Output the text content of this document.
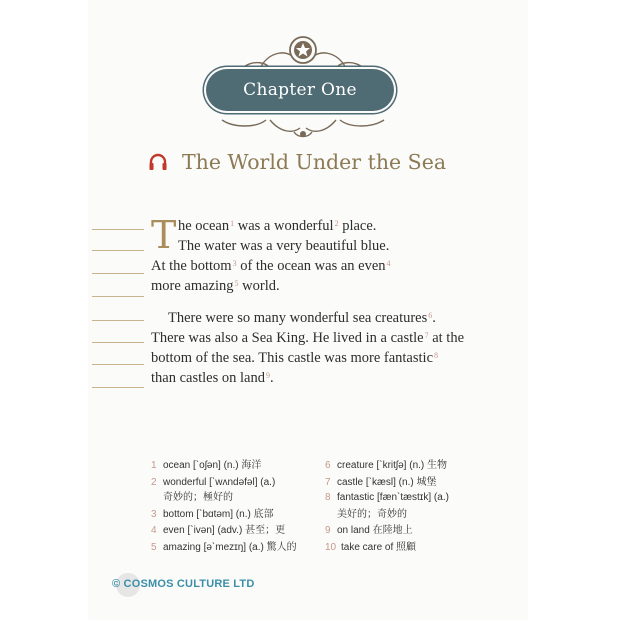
Chapter One
The World Under the Sea
T he ocean$^1$ was a wonderful$^2$ place.
The water was a very beautiful blue.
At the bottom$^3$ of the ocean was an even$^4$
more amazing$^5$ world.
There were so many wonderful sea creatures$^6$.
There was also a Sea King. He lived in a castle$^7$ at the
bottom of the sea. This castle was more fantastic$^8$
than castles on land$^9$.
1 ocean [ˋoʃən] (n.) 海洋
2 wonderful [ˋwʌndəfəl] (a.)
奇妙的；極好的
3 bottom [ˋbɑtəm] (n.) 底部
4 even [ˋivən] (adv.) 甚至；更
5 amazing [əˋmezɪŋ] (a.) 驚人的
6 creature [ˋkritʃə] (n.) 生物
7 castle [ˋkæsl] (n.) 城堡
8 fantastic [fænˋtæstɪk] (a.)
美好的；奇妙的
9 on land 在陸地上
10 take care of 照顧
© COSMOS CULTURE LTD
